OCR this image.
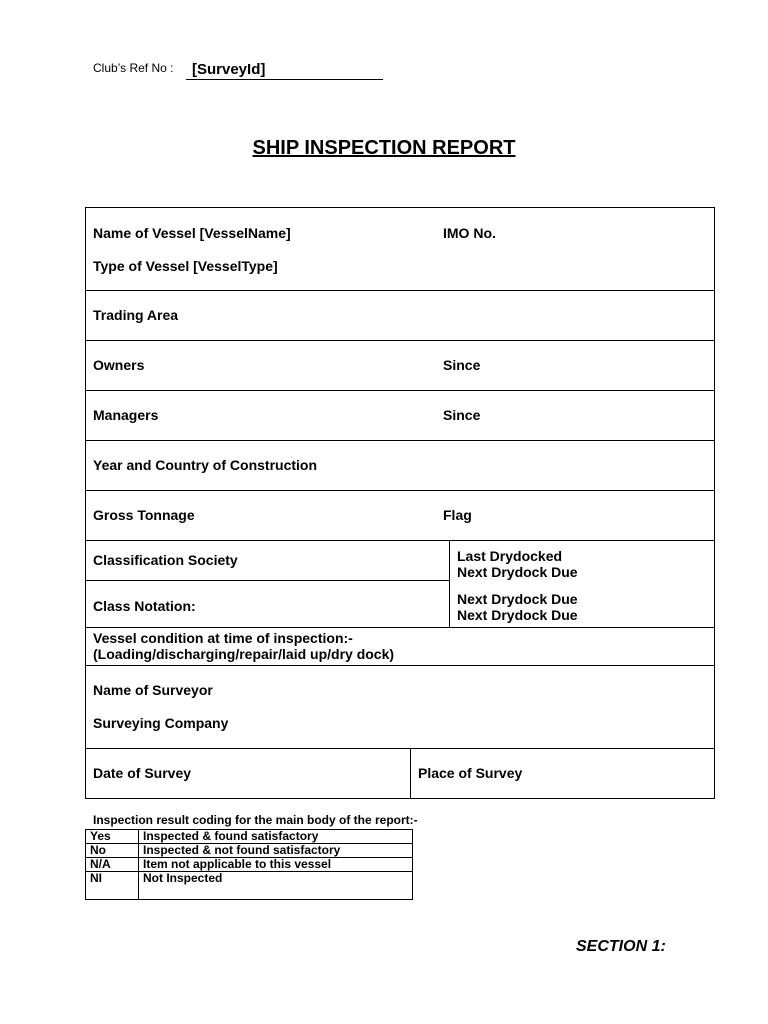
Club’s Ref No :	[SurveyId]
SHIP INSPECTION REPORT
Name of Vessel [VesselName]	IMO No.
Type of Vessel [VesselType]
Trading Area
Owners	Since
Managers	Since
Year and Country of Construction
Gross Tonnage	Flag
Classification Society	Last Drydocked
Next Drydock Due
Class Notation:	Next Drydock Due
Next Drydock Due
Vessel condition at time of inspection:-
(Loading/discharging/repair/laid up/dry dock)
Name of Surveyor
Surveying Company
Date of Survey	Place of Survey
Inspection result coding for the main body of the report:-
Yes	Inspected & found satisfactory
No	Inspected & not found satisfactory
N/A	Item not applicable to this vessel
NI	Not Inspected
SECTION 1:
